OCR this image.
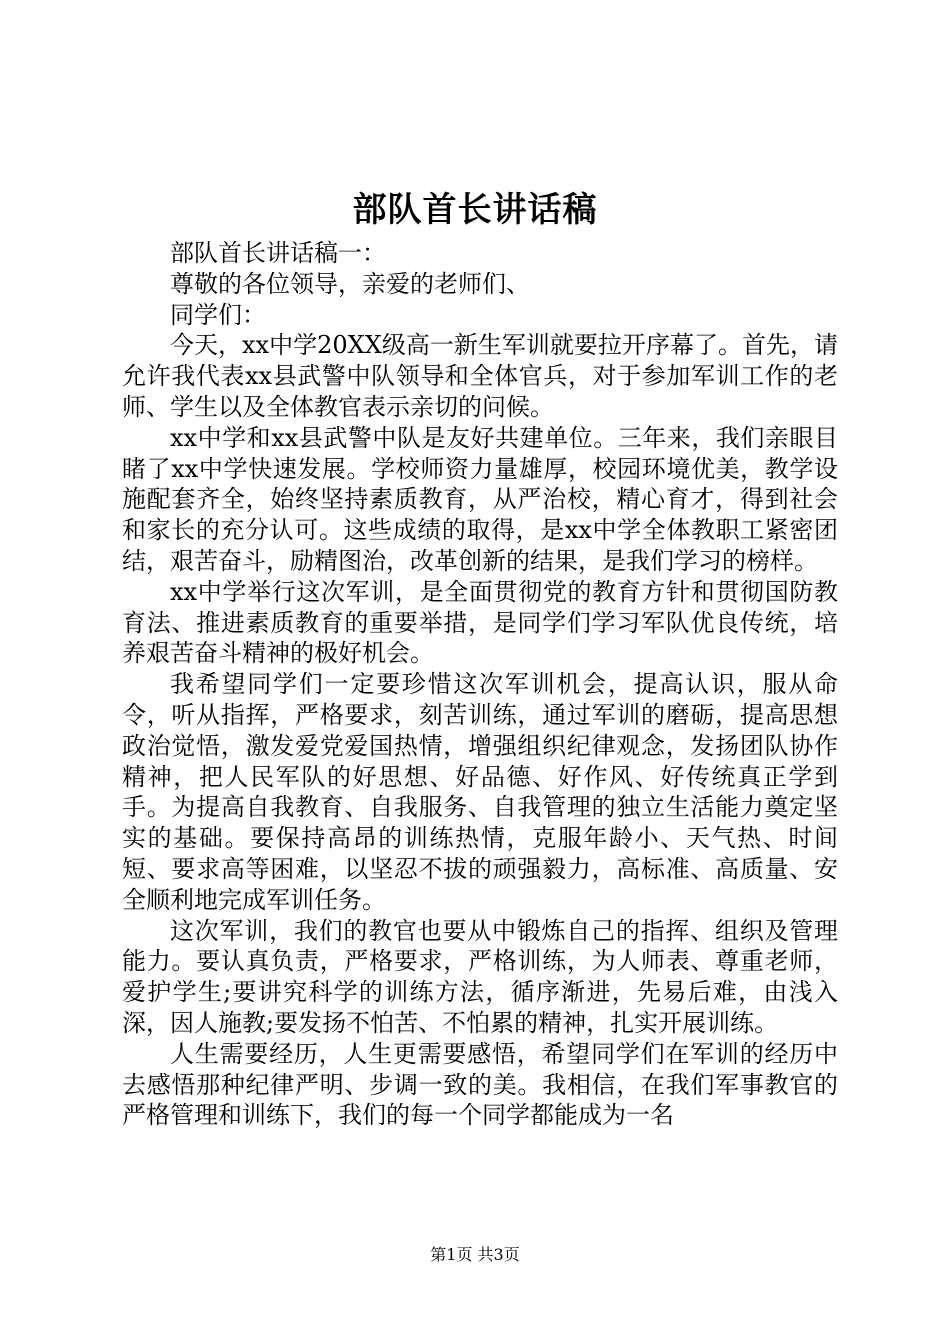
部队首长讲话稿

部队首长讲话稿一：

尊敬的各位领导，亲爱的老师们、

同学们：

今天，xx中学20XX级高一新生军训就要拉开序幕了。首先，请允许我代表xx县武警中队领导和全体官兵，对于参加军训工作的老师、学生以及全体教官表示亲切的问候。

xx中学和xx县武警中队是友好共建单位。三年来，我们亲眼目睹了xx中学快速发展。学校师资力量雄厚，校园环境优美，教学设施配套齐全，始终坚持素质教育，从严治校，精心育才，得到社会和家长的充分认可。这些成绩的取得，是xx中学全体教职工紧密团结，艰苦奋斗，励精图治，改革创新的结果，是我们学习的榜样。

xx中学举行这次军训，是全面贯彻党的教育方针和贯彻国防教育法、推进素质教育的重要举措，是同学们学习军队优良传统，培养艰苦奋斗精神的极好机会。

我希望同学们一定要珍惜这次军训机会，提高认识，服从命令，听从指挥，严格要求，刻苦训练，通过军训的磨砺，提高思想政治觉悟，激发爱党爱国热情，增强组织纪律观念，发扬团队协作精神，把人民军队的好思想、好品德、好作风、好传统真正学到手。为提高自我教育、自我服务、自我管理的独立生活能力奠定坚实的基础。要保持高昂的训练热情，克服年龄小、天气热、时间短、要求高等困难，以坚忍不拔的顽强毅力，高标准、高质量、安全顺利地完成军训任务。

这次军训，我们的教官也要从中锻炼自己的指挥、组织及管理能力。要认真负责，严格要求，严格训练，为人师表、尊重老师，爱护学生;要讲究科学的训练方法，循序渐进，先易后难，由浅入深，因人施教;要发扬不怕苦、不怕累的精神，扎实开展训练。

人生需要经历，人生更需要感悟，希望同学们在军训的经历中去感悟那种纪律严明、步调一致的美。我相信，在我们军事教官的严格管理和训练下，我们的每一个同学都能成为一名

第1页 共3页
